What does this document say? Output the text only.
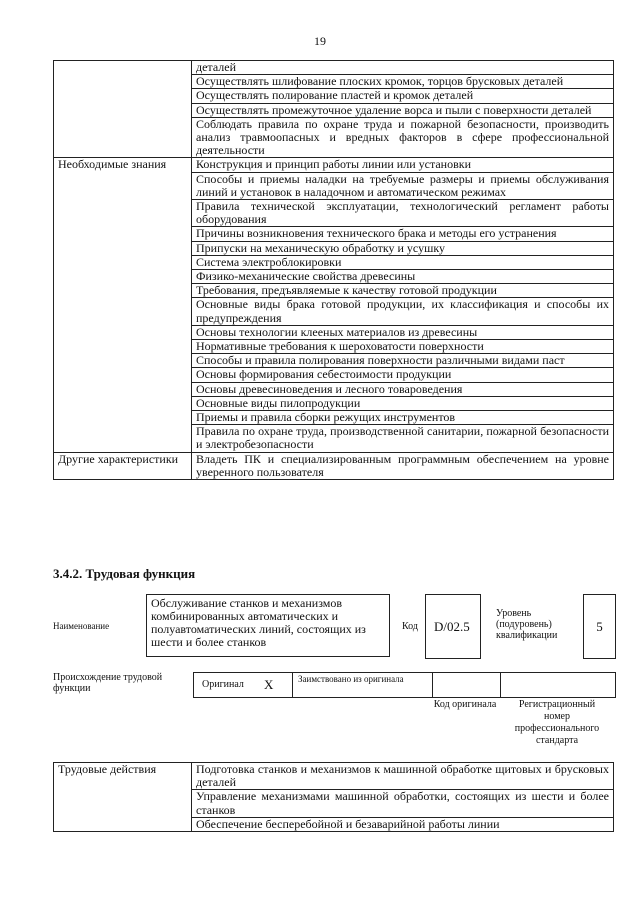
19
	деталей
	Осуществлять шлифование плоских кромок, торцов брусковых деталей
	Осуществлять полирование пластей и кромок деталей
	Осуществлять промежуточное удаление ворса и пыли с поверхности деталей
	Соблюдать правила по охране труда и пожарной безопасности, производить анализ травмоопасных и вредных факторов в сфере профессиональной деятельности
Необходимые знания	Конструкция и принцип работы линии или установки
	Способы и приемы наладки на требуемые размеры и приемы обслуживания линий и установок в наладочном и автоматическом режимах
	Правила технической эксплуатации, технологический регламент работы оборудования
	Причины возникновения технического брака и методы его устранения
	Припуски на механическую обработку и усушку
	Система электроблокировки
	Физико-механические свойства древесины
	Требования, предъявляемые к качеству готовой продукции
	Основные виды брака готовой продукции, их классификация и способы их предупреждения
	Основы технологии клееных материалов из древесины
	Нормативные требования к шероховатости поверхности
	Способы и правила полирования поверхности различными видами паст
	Основы формирования себестоимости продукции
	Основы древесиноведения и лесного товароведения
	Основные виды пилопродукции
	Приемы и правила сборки режущих инструментов
	Правила по охране труда, производственной санитарии, пожарной безопасности и электробезопасности
Другие характеристики	Владеть ПК и специализированным программным обеспечением на уровне уверенного пользователя
3.4.2. Трудовая функция
Наименование
Обслуживание станков и механизмов комбинированных автоматических и полуавтоматических линий, состоящих из шести и более станков
Код D/02.5
Уровень (подуровень) квалификации
5
Происхождение трудовой функции	Оригинал X	Заимствовано из оригинала
Код оригинала	Регистрационный номер профессионального стандарта
Трудовые действия	Подготовка станков и механизмов к машинной обработке щитовых и брусковых деталей
	Управление механизмами машинной обработки, состоящих из шести и более станков
	Обеспечение бесперебойной и безаварийной работы линии
